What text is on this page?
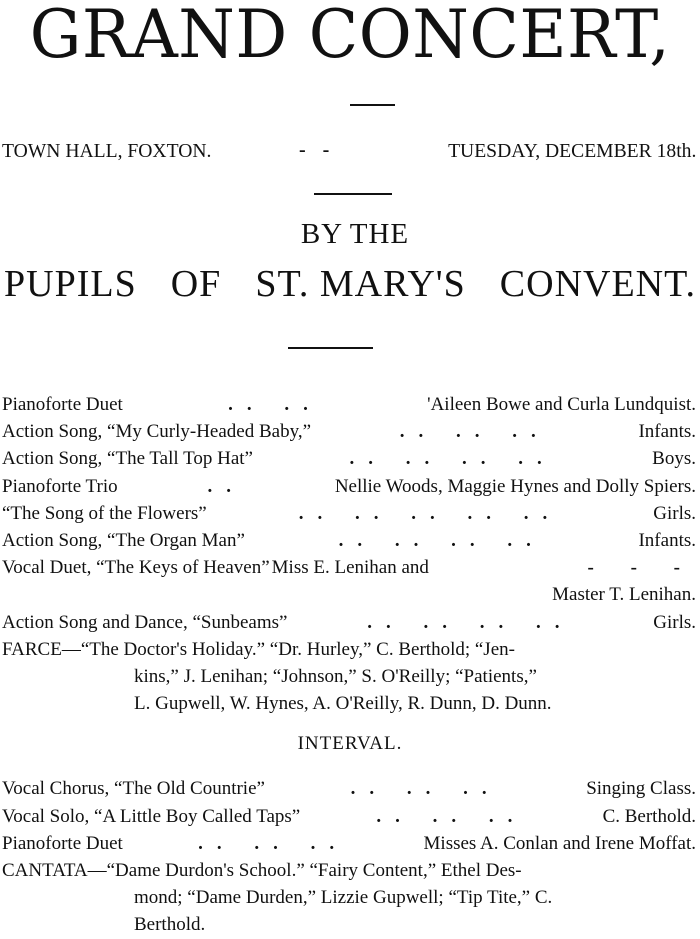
GRAND CONCERT,
TOWN HALL, FOXTON.	- -	TUESDAY, DECEMBER 18th.
BY THE
PUPILS OF ST. MARY'S CONVENT.
Pianoforte Duet	.. ..	'Aileen Bowe and Curla Lundquist.
Action Song, “My Curly-Headed Baby,”	.. .. ..	Infants.
Action Song, “The Tall Top Hat”	.. .. .. ..	Boys.
Pianoforte Trio	..	Nellie Woods, Maggie Hynes and Dolly Spiers.
“The Song of the Flowers”	.. .. .. .. ..	Girls.
Action Song, “The Organ Man”	.. .. .. ..	Infants.
Vocal Duet, “The Keys of Heaven” Miss E. Lenihan and	- - -
Master T. Lenihan.
Action Song and Dance, “Sunbeams”	.. .. .. ..	Girls.
FARCE—“The Doctor's Holiday.” “Dr. Hurley,” C. Berthold; “Jen-
kins,” J. Lenihan; “Johnson,” S. O'Reilly; “Patients,”
L. Gupwell, W. Hynes, A. O'Reilly, R. Dunn, D. Dunn.
INTERVAL.
Vocal Chorus, “The Old Countrie”	.. .. ..	Singing Class.
Vocal Solo, “A Little Boy Called Taps”	.. .. ..	C. Berthold.
Pianoforte Duet	.. .. ..	Misses A. Conlan and Irene Moffat.
CANTATA—“Dame Durdon's School.” “Fairy Content,” Ethel Des-
mond; “Dame Durden,” Lizzie Gupwell; “Tip Tite,” C.
Berthold.
